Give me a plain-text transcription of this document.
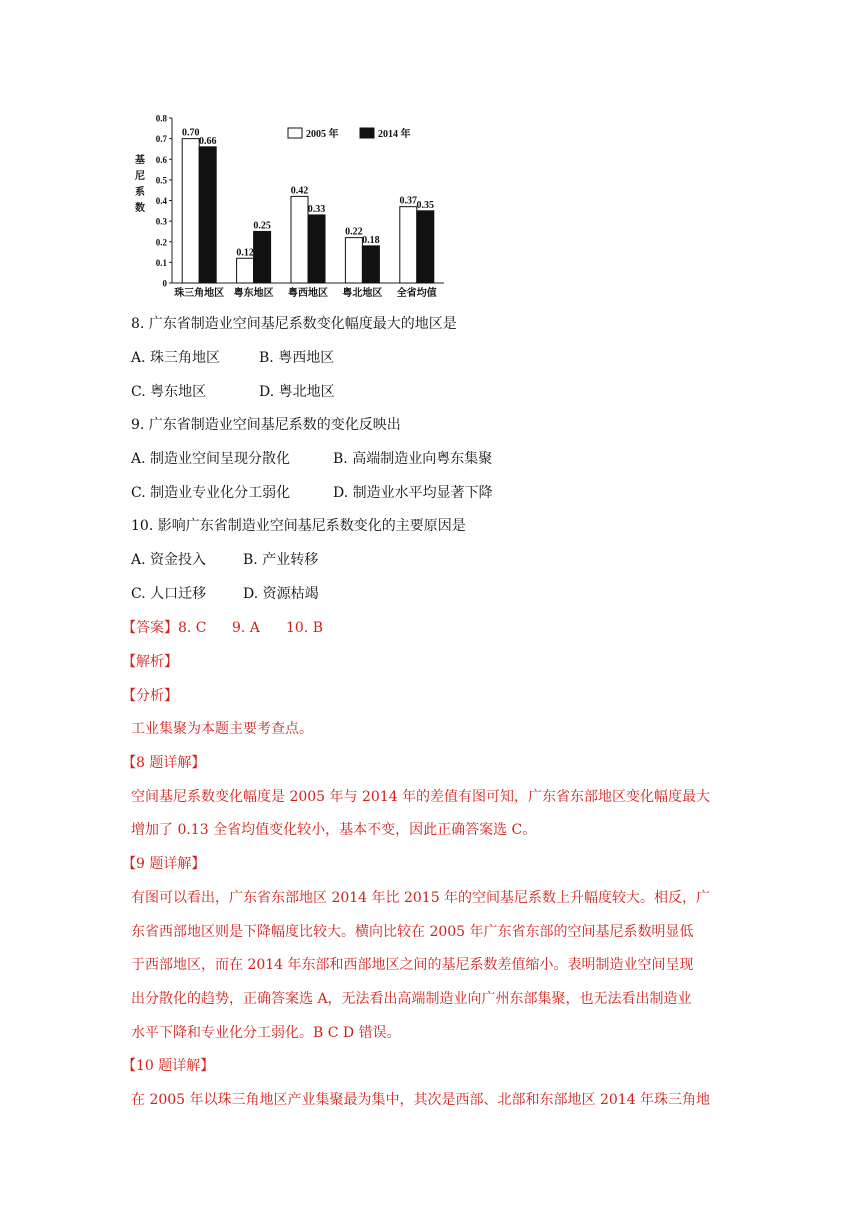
0
0.1
0.2
0.3
0.4
0.5
0.6
0.7
0.8
基
尼
系
数
0.70
0.66
珠三角地区
0.12
0.25
粤东地区
0.42
0.33
粤西地区
0.22
0.18
粤北地区
0.37 0.35
全省均值
2005 年	2014 年
8. 广东省制造业空间基尼系数变化幅度最大的地区是
A. 珠三角地区	B. 粤西地区
C. 粤东地区	D. 粤北地区
9. 广东省制造业空间基尼系数的变化反映出
A. 制造业空间呈现分散化	B. 高端制造业向粤东集聚
C. 制造业专业化分工弱化	D. 制造业水平均显著下降
10. 影响广东省制造业空间基尼系数变化的主要原因是
A. 资金投入	B. 产业转移
C. 人口迁移	D. 资源枯竭
【答案】8. C 9. A 10. B
【解析】
【分析】
工业集聚为本题主要考查点。
【8 题详解】
空间基尼系数变化幅度是 2005 年与 2014 年的差值有图可知，广东省东部地区变化幅度最大
增加了 0.13 全省均值变化较小，基本不变，因此正确答案选 C。
【9 题详解】
有图可以看出，广东省东部地区 2014 年比 2015 年的空间基尼系数上升幅度较大。相反，广
东省西部地区则是下降幅度比较大。横向比较在 2005 年广东省东部的空间基尼系数明显低
于西部地区，而在 2014 年东部和西部地区之间的基尼系数差值缩小。表明制造业空间呈现
出分散化的趋势，正确答案选 A，无法看出高端制造业向广州东部集聚，也无法看出制造业
水平下降和专业化分工弱化。B C D 错误。
【10 题详解】
在 2005 年以珠三角地区产业集聚最为集中，其次是西部、北部和东部地区 2014 年珠三角地
